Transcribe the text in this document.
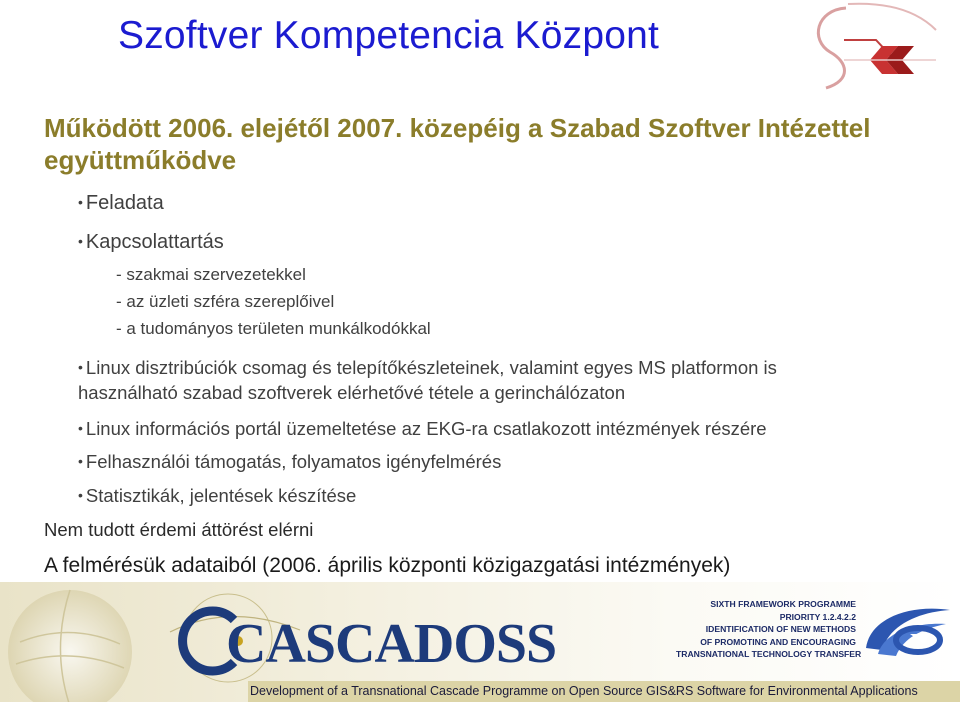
Szoftver Kompetencia Központ
Működött 2006. elejétől 2007. közepéig a Szabad Szoftver Intézettel együttműködve
• Feladata
• Kapcsolattartás
- szakmai szervezetekkel
- az üzleti szféra szereplőivel
- a tudományos területen munkálkodókkal
• Linux disztribúciók csomag és telepítőkészleteinek, valamint egyes MS platformon is
használható szabad szoftverek elérhetővé tétele a gerinchálózaton
• Linux információs portál üzemeltetése az EKG-ra csatlakozott intézmények részére
• Felhasználói támogatás, folyamatos igényfelmérés
• Statisztikák, jelentések készítése
Nem tudott érdemi áttörést elérni
A felmérésük adataiból (2006. április központi közigazgatási intézmények)
CASCADOSS
SIXTH FRAMEWORK PROGRAMME
PRIORITY 1.2.4.2.2
IDENTIFICATION OF NEW METHODS
OF PROMOTING AND ENCOURAGING
TRANSNATIONAL TECHNOLOGY TRANSFER
Development of a Transnational Cascade Programme on Open Source GIS&RS Software for Environmental Applications
